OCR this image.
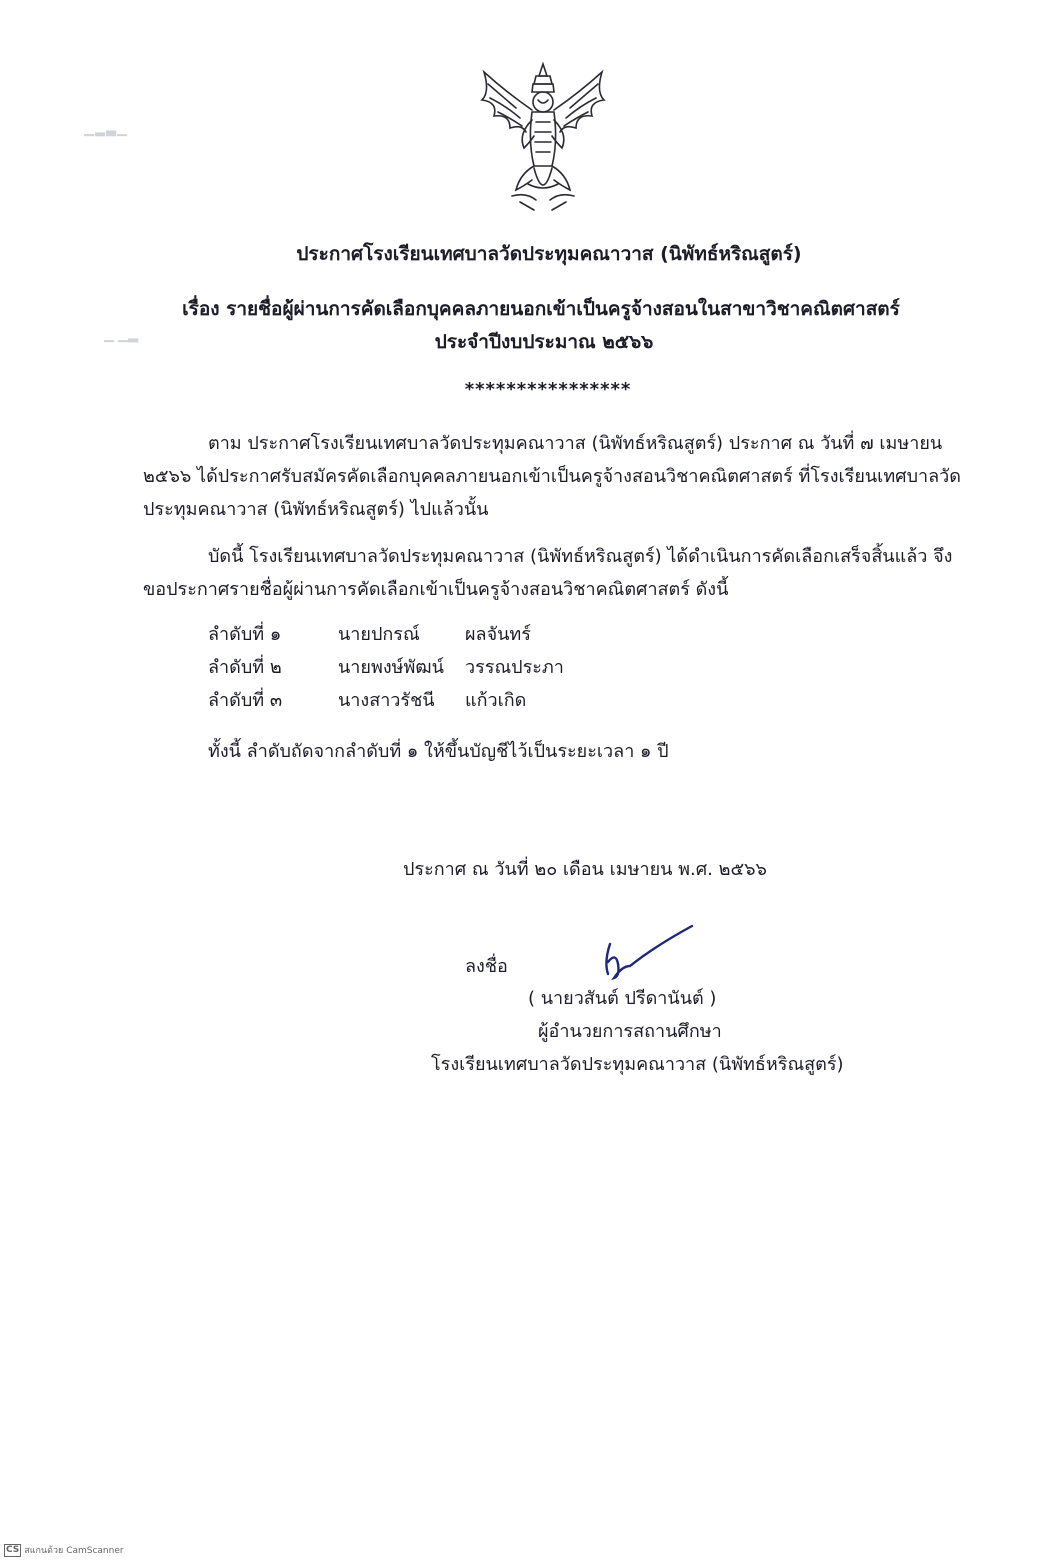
▁▂▃▁
▁ ▁▂
ประกาศโรงเรียนเทศบาลวัดประทุมคณาวาส (นิพัทธ์หริณสูตร์)
เรื่อง รายชื่อผู้ผ่านการคัดเลือกบุคคลภายนอกเข้าเป็นครูจ้างสอนในสาขาวิชาคณิตศาสตร์
ประจำปีงบประมาณ ๒๕๖๖
****************
ตาม ประกาศโรงเรียนเทศบาลวัดประทุมคณาวาส (นิพัทธ์หริณสูตร์) ประกาศ ณ วันที่ ๗ เมษายน
๒๕๖๖ ได้ประกาศรับสมัครคัดเลือกบุคคลภายนอกเข้าเป็นครูจ้างสอนวิชาคณิตศาสตร์ ที่โรงเรียนเทศบาลวัด
ประทุมคณาวาส (นิพัทธ์หริณสูตร์) ไปแล้วนั้น
บัดนี้ โรงเรียนเทศบาลวัดประทุมคณาวาส (นิพัทธ์หริณสูตร์) ได้ดำเนินการคัดเลือกเสร็จสิ้นแล้ว จึง
ขอประกาศรายชื่อผู้ผ่านการคัดเลือกเข้าเป็นครูจ้างสอนวิชาคณิตศาสตร์ ดังนี้
ลำดับที่ ๑	นายปกรณ์	ผลจันทร์
ลำดับที่ ๒	นายพงษ์พัฒน์ วรรณประภา
ลำดับที่ ๓	นางสาวรัชนี แก้วเกิด
ทั้งนี้ ลำดับถัดจากลำดับที่ ๑ ให้ขึ้นบัญชีไว้เป็นระยะเวลา ๑ ปี
ประกาศ ณ วันที่ ๒๐ เดือน เมษายน พ.ศ. ๒๕๖๖
ลงชื่อ
( นายวสันต์ ปรีดานันต์ )
ผู้อำนวยการสถานศึกษา
โรงเรียนเทศบาลวัดประทุมคณาวาส (นิพัทธ์หริณสูตร์)
CS สแกนด้วย CamScanner
